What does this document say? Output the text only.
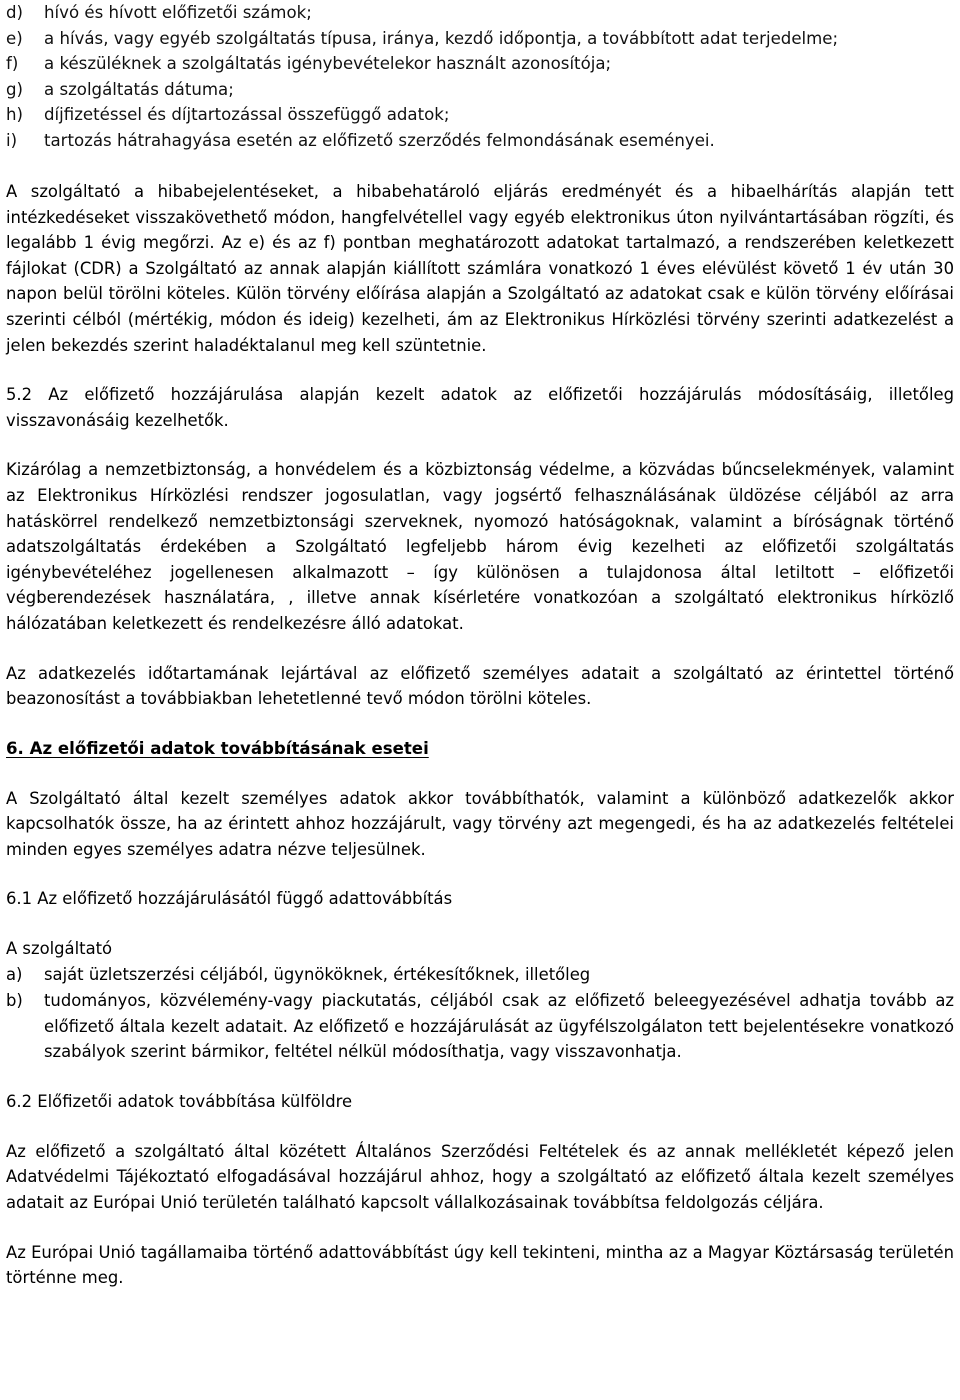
d)	hívó és hívott előfizetői számok;
e)	a hívás, vagy egyéb szolgáltatás típusa, iránya, kezdő időpontja, a továbbított adat terjedelme;
f)	a készüléknek a szolgáltatás igénybevételekor használt azonosítója;
g)	a szolgáltatás dátuma;
h)	díjfizetéssel és díjtartozással összefüggő adatok;
i)	tartozás hátrahagyása esetén az előfizető szerződés felmondásának eseményei.

A szolgáltató a hibabejelentéseket, a hibabehatároló eljárás eredményét és a hibaelhárítás alapján tett intézkedéseket visszakövethető módon, hangfelvétellel vagy egyéb elektronikus úton nyilvántartásában rögzíti, és legalább 1 évig megőrzi. Az e) és az f) pontban meghatározott adatokat tartalmazó, a rendszerében keletkezett fájlokat (CDR) a Szolgáltató az annak alapján kiállított számlára vonatkozó 1 éves elévülést követő 1 év után 30 napon belül törölni köteles. Külön törvény előírása alapján a Szolgáltató az adatokat csak e külön törvény előírásai szerinti célból (mértékig, módon és ideig) kezelheti, ám az Elektronikus Hírközlési törvény szerinti adatkezelést a jelen bekezdés szerint haladéktalanul meg kell szüntetnie.

5.2 Az előfizető hozzájárulása alapján kezelt adatok az előfizetői hozzájárulás módosításáig, illetőleg visszavonásáig kezelhetők.

Kizárólag a nemzetbiztonság, a honvédelem és a közbiztonság védelme, a közvádas bűncselekmények, valamint az Elektronikus Hírközlési rendszer jogosulatlan, vagy jogsértő felhasználásának üldözése céljából az arra hatáskörrel rendelkező nemzetbiztonsági szerveknek, nyomozó hatóságoknak, valamint a bíróságnak történő adatszolgáltatás érdekében a Szolgáltató legfeljebb három évig kezelheti az előfizetői szolgáltatás igénybevételéhez jogellenesen alkalmazott – így különösen a tulajdonosa által letiltott – előfizetői végberendezések használatára, , illetve annak kísérletére vonatkozóan a szolgáltató elektronikus hírközlő hálózatában keletkezett és rendelkezésre álló adatokat.

Az adatkezelés időtartamának lejártával az előfizető személyes adatait a szolgáltató az érintettel történő beazonosítást a továbbiakban lehetetlenné tevő módon törölni köteles.

6. Az előfizetői adatok továbbításának esetei

A Szolgáltató által kezelt személyes adatok akkor továbbíthatók, valamint a különböző adatkezelők akkor kapcsolhatók össze, ha az érintett ahhoz hozzájárult, vagy törvény azt megengedi, és ha az adatkezelés feltételei minden egyes személyes adatra nézve teljesülnek.

6.1 Az előfizető hozzájárulásától függő adattovábbítás
A szolgáltató
a)	saját üzletszerzési céljából, ügynököknek, értékesítőknek, illetőleg
b)	tudományos, közvélemény-vagy piackutatás, céljából csak az előfizető beleegyezésével adhatja tovább az előfizető általa kezelt adatait. Az előfizető e hozzájárulását az ügyfélszolgálaton tett bejelentésekre vonatkozó szabályok szerint bármikor, feltétel nélkül módosíthatja, vagy visszavonhatja.
6.2 Előfizetői adatok továbbítása külföldre

Az előfizető a szolgáltató által közétett Általános Szerződési Feltételek és az annak mellékletét képező jelen Adatvédelmi Tájékoztató elfogadásával hozzájárul ahhoz, hogy a szolgáltató az előfizető általa kezelt személyes adatait az Európai Unió területén található kapcsolt vállalkozásainak továbbítsa feldolgozás céljára.

Az Európai Unió tagállamaiba történő adattovábbítást úgy kell tekinteni, mintha az a Magyar Köztársaság területén történne meg.
